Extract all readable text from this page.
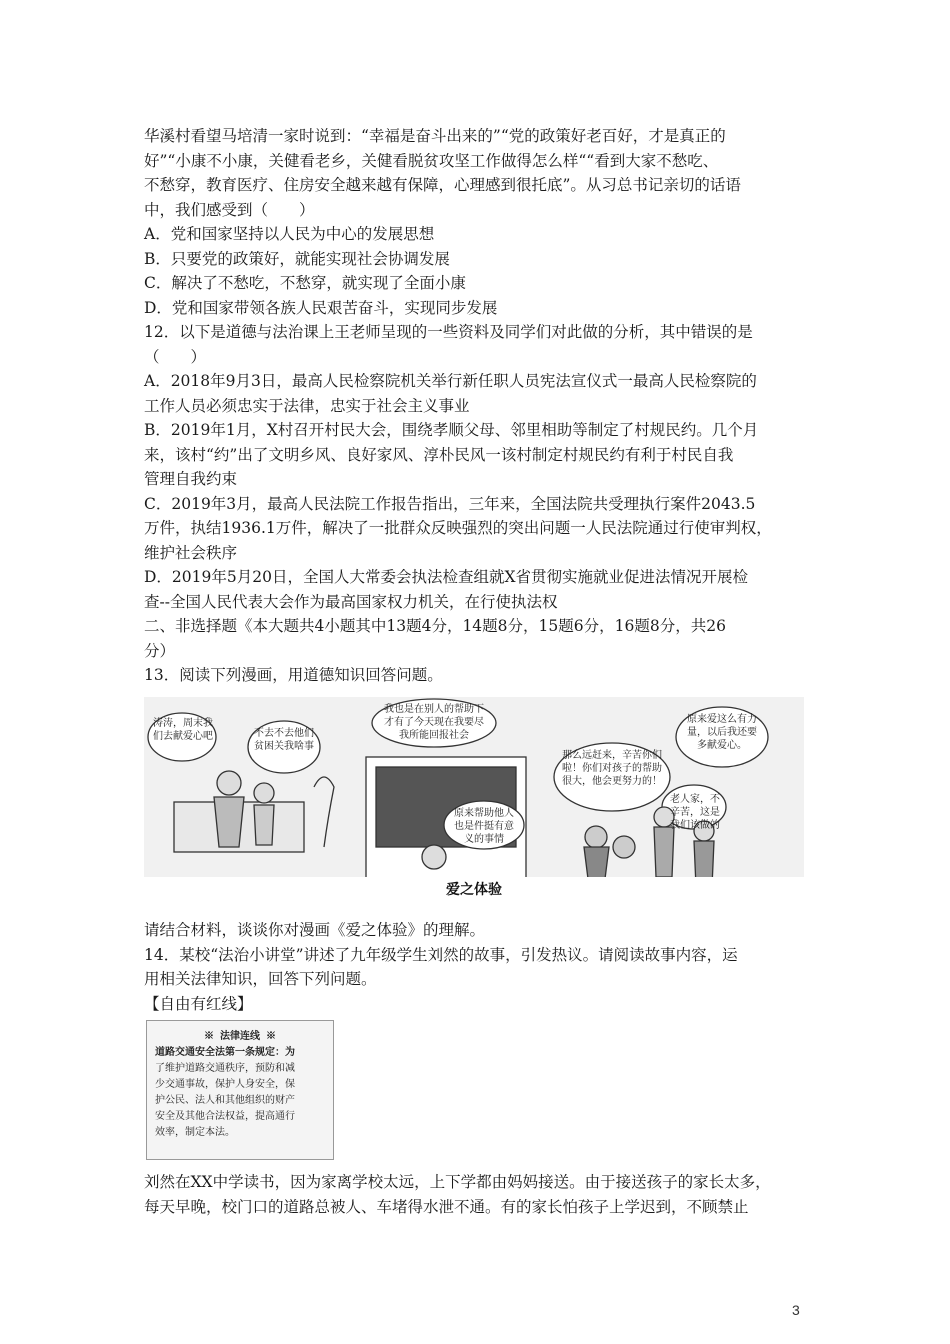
华溪村看望马培清一家时说到：“幸福是奋斗出来的”“党的政策好老百好，才是真正的

好”“小康不小康，关健看老乡，关健看脱贫攻坚工作做得怎么样““看到大家不愁吃、

不愁穿，教育医疗、住房安全越来越有保障，心理感到很托底”。从习总书记亲切的话语

中，我们感受到（　　）

A．党和国家坚持以人民为中心的发展思想

B．只要党的政策好，就能实现社会协调发展

C．解决了不愁吃，不愁穿，就实现了全面小康

D．党和国家带领各族人民艰苦奋斗，实现同步发展

12．以下是道德与法治课上王老师呈现的一些资料及同学们对此做的分析，其中错误的是

（　　）

A．2018年9月3日，最高人民检察院机关举行新任职人员宪法宣仪式一最高人民检察院的

工作人员必须忠实于法律，忠实于社会主义事业

B．2019年1月，X村召开村民大会，围绕孝顺父母、邻里相助等制定了村规民约。几个月

来，该村“约”出了文明乡风、良好家风、淳朴民风一该村制定村规民约有利于村民自我

管理自我约束

C．2019年3月，最高人民法院工作报告指出，三年来，全国法院共受理执行案件2043.5

万件，执结1936.1万件，解决了一批群众反映强烈的突出问题一人民法院通过行使审判权，

维护社会秩序

D．2019年5月20日，全国人大常委会执法检查组就X省贯彻实施就业促进法情况开展检

查--全国人民代表大会作为最高国家权力机关，在行使执法权

二、非选择题《本大题共4小题其中13题4分，14题8分，15题6分，16题8分，共26

分）

13．阅读下列漫画，用道德知识回答问题。

涛涛，周末我们去献爱心吧	不去不去他们贫困关我啥事
我也是在别人的帮助下才有了今天现在我要尽我所能回报社会
原来帮助他人也是件挺有意义的事情
那么远赶来，辛苦你们啦！你们对孩子的帮助很大，他会更努力的！
原来爱这么有力量，以后我还要多献爱心。
老人家，不辛苦，这是我们该做的
爱之体验

请结合材料，谈谈你对漫画《爱之体验》的理解。

14．某校“法治小讲堂”讲述了九年级学生刘然的故事，引发热议。请阅读故事内容，运

用相关法律知识，回答下列问题。

【自由有红线】

※ 法律连线 ※
道路交通安全法第一条规定：为
了维护道路交通秩序，预防和减
少交通事故，保护人身安全，保
护公民、法人和其他组织的财产
安全及其他合法权益，提高通行
效率，制定本法。

刘然在XX中学读书，因为家离学校太远，上下学都由妈妈接送。由于接送孩子的家长太多，

每天早晚，校门口的道路总被人、车堵得水泄不通。有的家长怕孩子上学迟到，不顾禁止

3
